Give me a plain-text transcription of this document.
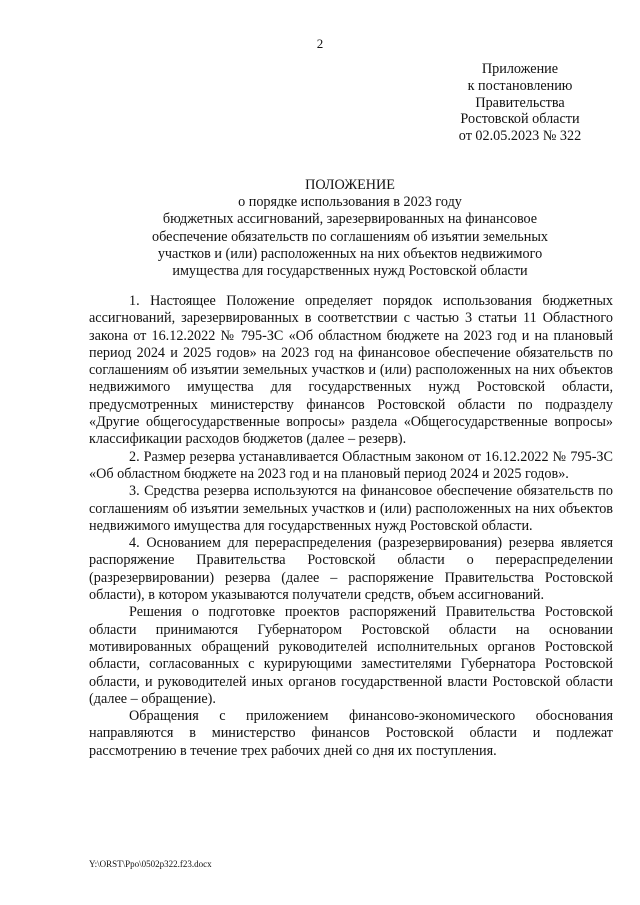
2
Приложение
к постановлению
Правительства
Ростовской области
от 02.05.2023 № 322
ПОЛОЖЕНИЕ
о порядке использования в 2023 году
бюджетных ассигнований, зарезервированных на финансовое
обеспечение обязательств по соглашениям об изъятии земельных
участков и (или) расположенных на них объектов недвижимого
имущества для государственных нужд Ростовской области

1. Настоящее Положение определяет порядок использования бюджетных ассигнований, зарезервированных в соответствии с частью 3 статьи 11 Областного закона от 16.12.2022 № 795-ЗС «Об областном бюджете на 2023 год и на плановый период 2024 и 2025 годов» на 2023 год на финансовое обеспечение обязательств по соглашениям об изъятии земельных участков и (или) расположенных на них объектов недвижимого имущества для государственных нужд Ростовской области, предусмотренных министерству финансов Ростовской области по подразделу «Другие общегосударственные вопросы» раздела «Общегосударственные вопросы» классификации расходов бюджетов (далее – резерв).

2. Размер резерва устанавливается Областным законом от 16.12.2022 № 795-ЗС «Об областном бюджете на 2023 год и на плановый период 2024 и 2025 годов».

3. Средства резерва используются на финансовое обеспечение обязательств по соглашениям об изъятии земельных участков и (или) расположенных на них объектов недвижимого имущества для государственных нужд Ростовской области.

4. Основанием для перераспределения (разрезервирования) резерва является распоряжение Правительства Ростовской области о перераспределении (разрезервировании) резерва (далее – распоряжение Правительства Ростовской области), в котором указываются получатели средств, объем ассигнований.

Решения о подготовке проектов распоряжений Правительства Ростовской области принимаются Губернатором Ростовской области на основании мотивированных обращений руководителей исполнительных органов Ростовской области, согласованных с курирующими заместителями Губернатора Ростовской области, и руководителей иных органов государственной власти Ростовской области (далее – обращение).

Обращения с приложением финансово-экономического обоснования направляются в министерство финансов Ростовской области и подлежат рассмотрению в течение трех рабочих дней со дня их поступления.

Y:\ORST\Ppo\0502p322.f23.docx
